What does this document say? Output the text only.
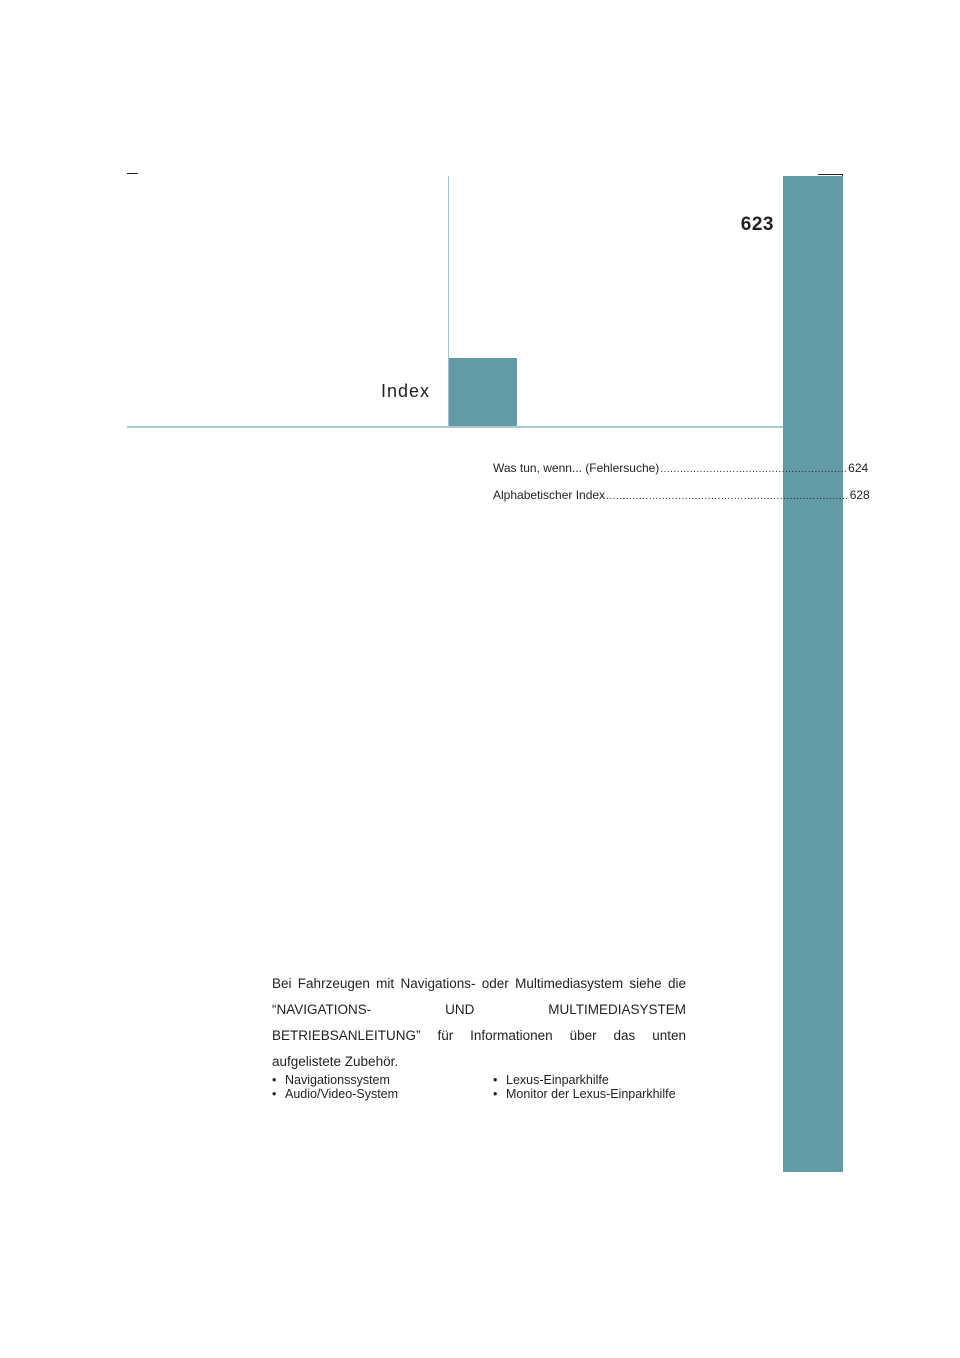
623
Index
Was tun, wenn... (Fehlersuche) ......................................................... 624
Alphabetischer Index .......................................................................... 628
Bei Fahrzeugen mit Navigations- oder Multimediasystem siehe die “NAVIGATIONS- UND MULTIMEDIASYSTEM BETRIEBSANLEITUNG” für Informationen über das unten aufgelistete Zubehör.
• Navigationssystem
• Audio/Video-System
• Lexus-Einparkhilfe
• Monitor der Lexus-Einparkhilfe
